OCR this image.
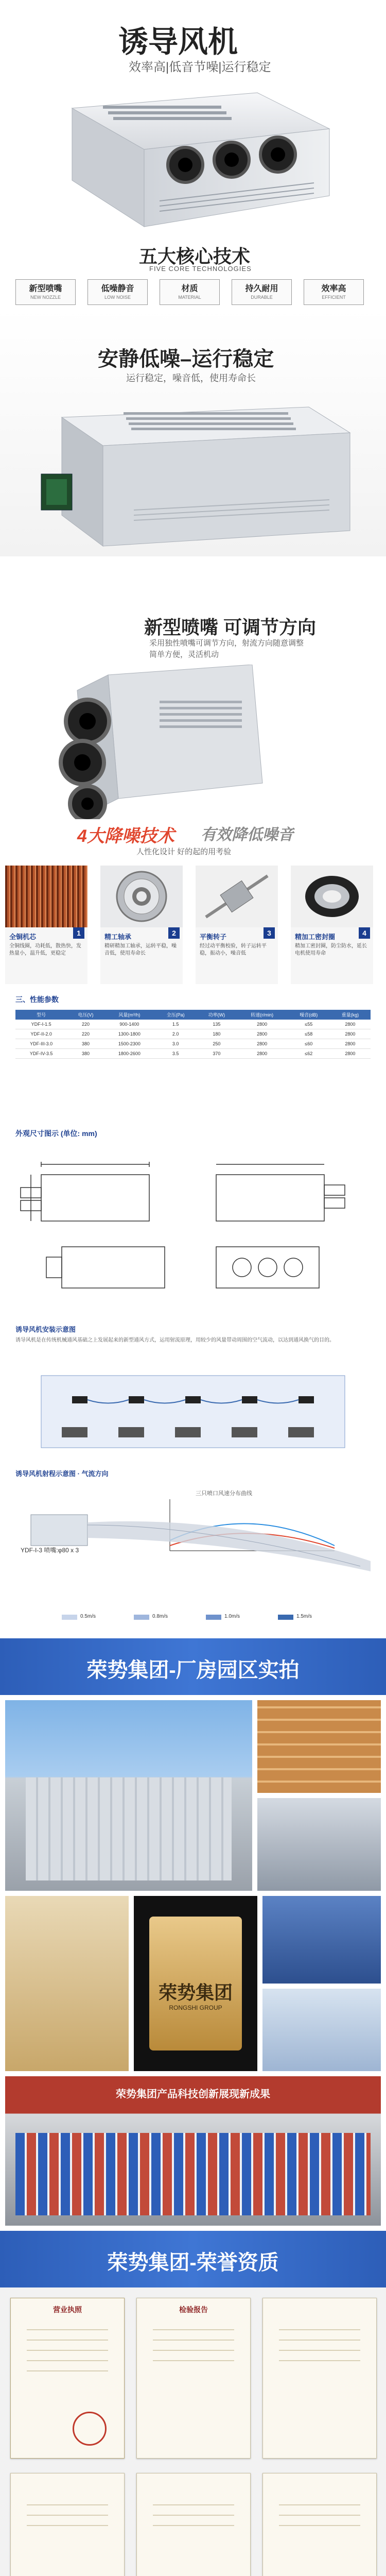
诱导风机
效率高|低音节噪|运行稳定
五大核心技术
FIVE CORE TECHNOLOGIES
新型喷嘴
NEW NOZZLE
低噪静音
LOW NOISE
材质
MATERIAL
持久耐用
DURABLE
效率高
EFFICIENT
安静低噪–运行稳定
运行稳定，噪音低，使用寿命长
新型喷嘴 可调节方向
采用独性喷嘴可调节方向，射流方向随意调整
简单方便，灵活机动
4大降噪技术 有效降低噪音
人性化设计 好的起的用考验
1
全铜机芯
全铜线圈，功耗低，散热快，发热量小，温升低，更稳定
2
精工轴承
精研精加工轴承，运转平稳，噪音低，使用寿命长
3
平衡转子
经过动平衡校验，转子运转平稳，振动小，噪音低
4
精加工密封圈
精加工密封圈，防尘防水，延长电机使用寿命
三、性能参数
型号	电压(V)	风量(m³/h)	全压(Pa)	功率(W)	转速(r/min)	噪音(dB)	重量(kg)
YDF-I-1.5	220	900-1400	1.5	135	2800	≤55	2800
YDF-II-2.0	220	1300-1800	2.0	180	2800	≤58	2800
YDF-III-3.0	380	1500-2300	3.0	250	2800	≤60	2800
YDF-IV-3.5	380	1800-2600	3.5	370	2800	≤62	2800
外观尺寸图示 (单位: mm)
诱导风机安装示意图
诱导风机是在传统机械通风基础之上发展起来的新型通风方式，运用射流原理，用较少的风量带动周围的空气流动，以达到通风换气的目的。
诱导风机射程示意图 · 气流方向
三只喷口风速分布曲线
YDF-I-3 喷嘴:φ80 x 3
0.5m/s	0.8m/s	1.0m/s	1.5m/s
荣势集团-厂房园区实拍
荣势集团
RONGSHI GROUP
荣势集团产品科技创新展现新成果
荣势集团-荣誉资质
营业执照	检验报告
